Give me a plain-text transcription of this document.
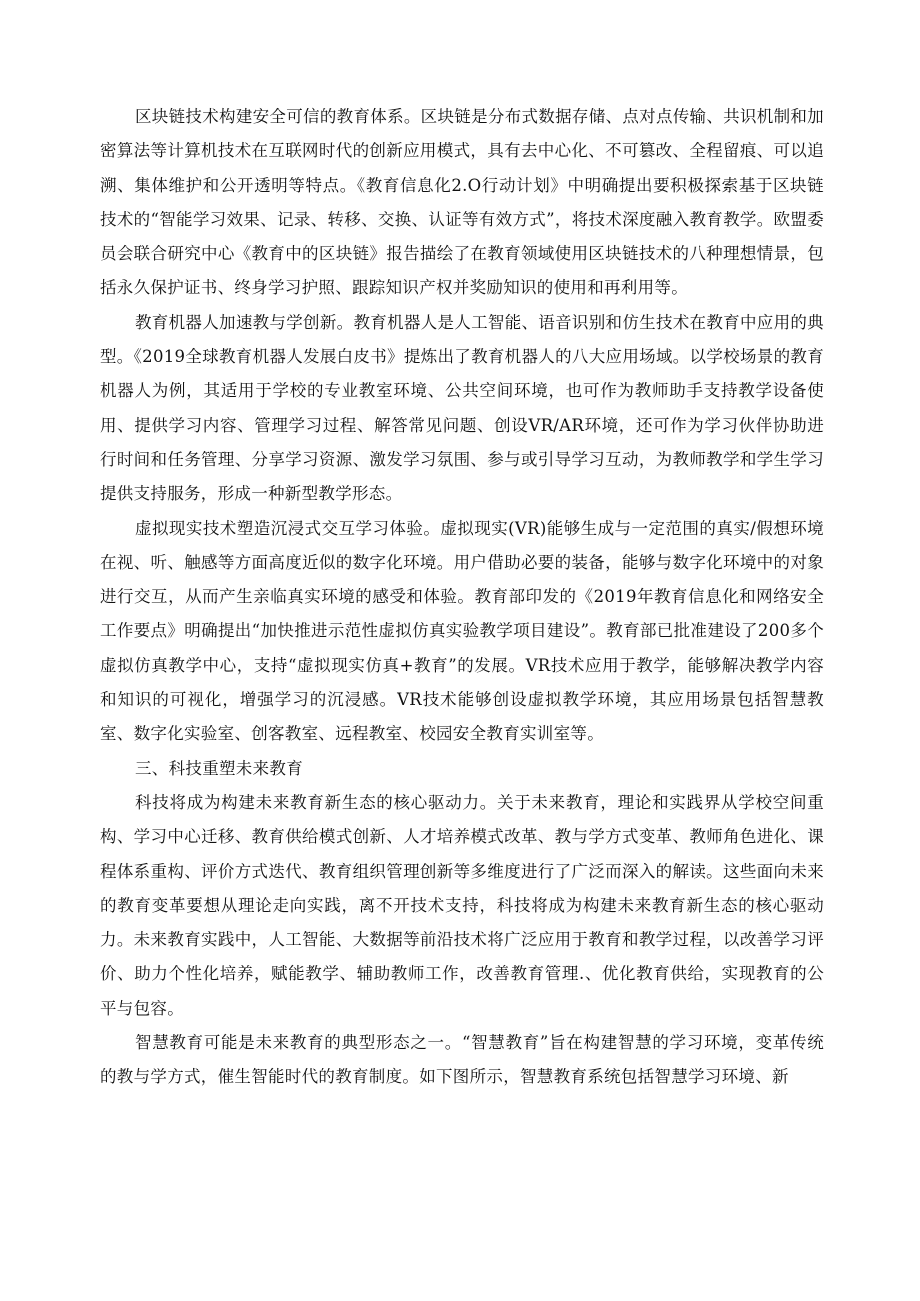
区块链技术构建安全可信的教育体系。区块链是分布式数据存储、点对点传输、共识机制和加密算法等计算机技术在互联网时代的创新应用模式，具有去中心化、不可篡改、全程留痕、可以追溯、集体维护和公开透明等特点。《教育信息化2.O行动计划》中明确提出要积极探索基于区块链技术的“智能学习效果、记录、转移、交换、认证等有效方式”，将技术深度融入教育教学。欧盟委员会联合研究中心《教育中的区块链》报告描绘了在教育领域使用区块链技术的八种理想情景，包括永久保护证书、终身学习护照、跟踪知识产权并奖励知识的使用和再利用等。

教育机器人加速教与学创新。教育机器人是人工智能、语音识别和仿生技术在教育中应用的典型。《2019全球教育机器人发展白皮书》提炼出了教育机器人的八大应用场域。以学校场景的教育机器人为例，其适用于学校的专业教室环境、公共空间环境，也可作为教师助手支持教学设备使用、提供学习内容、管理学习过程、解答常见问题、创设VR/AR环境，还可作为学习伙伴协助进行时间和任务管理、分享学习资源、激发学习氛围、参与或引导学习互动，为教师教学和学生学习提供支持服务，形成一种新型教学形态。

虚拟现实技术塑造沉浸式交互学习体验。虚拟现实(VR)能够生成与一定范围的真实/假想环境在视、听、触感等方面高度近似的数字化环境。用户借助必要的装备，能够与数字化环境中的对象进行交互，从而产生亲临真实环境的感受和体验。教育部印发的《2019年教育信息化和网络安全工作要点》明确提出“加快推进示范性虚拟仿真实验教学项目建设”。教育部已批准建设了200多个虚拟仿真教学中心，支持“虚拟现实仿真+教育”的发展。VR技术应用于教学，能够解决教学内容和知识的可视化，增强学习的沉浸感。VR技术能够创设虚拟教学环境，其应用场景包括智慧教室、数字化实验室、创客教室、远程教室、校园安全教育实训室等。

三、科技重塑未来教育

科技将成为构建未来教育新生态的核心驱动力。关于未来教育，理论和实践界从学校空间重构、学习中心迁移、教育供给模式创新、人才培养模式改革、教与学方式变革、教师角色进化、课程体系重构、评价方式迭代、教育组织管理创新等多维度进行了广泛而深入的解读。这些面向未来的教育变革要想从理论走向实践，离不开技术支持，科技将成为构建未来教育新生态的核心驱动力。未来教育实践中，人工智能、大数据等前沿技术将广泛应用于教育和教学过程，以改善学习评价、助力个性化培养，赋能教学、辅助教师工作，改善教育管理.、优化教育供给，实现教育的公平与包容。

智慧教育可能是未来教育的典型形态之一。“智慧教育”旨在构建智慧的学习环境，变革传统的教与学方式，催生智能时代的教育制度。如下图所示，智慧教育系统包括智慧学习环境、新
